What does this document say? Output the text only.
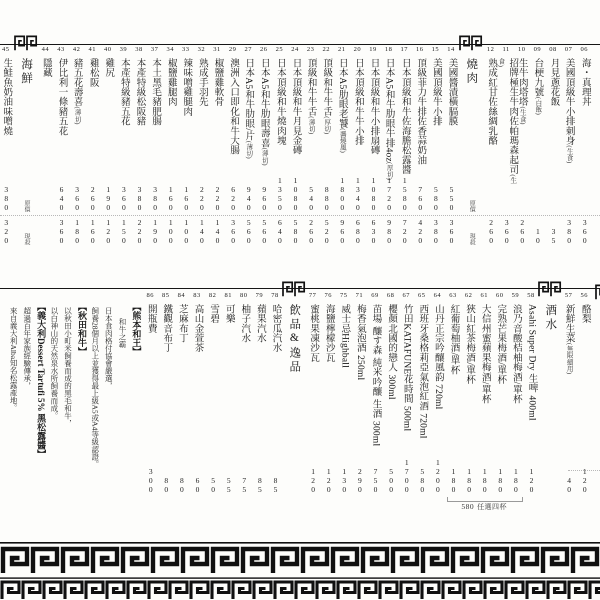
06
海・真理丼
360
07
美國頂級牛小排刺身(生食)
380
08
月見蔥花飯
35
09
台梗九號(白飯)
10
10
生牛肉塔塔(生食)
260
11
招牌極生牛肉佐帕瑪森起司(生食)
360
12
熟成紅甘佐絲綢乳酪
260
燒肉
原價
現殺
14
美國醬漬橫膈膜
550
360
15
美國頂級牛小排
580
380
16
頂級菲力牛排佐香蒜奶油
760
420
17
日本頂級和牛佐海膽松露醬
1580
720
18
日本A5和牛肋眼牛排4oz(厚切)
1720
980
19
日本頂級和牛小排扇磚
1080
630
20
日本頂級和牛牛小排
1340
680
21
日本A5肋眼老饕(醬燒風)
1800
960
22
頂級和牛牛舌(厚切)
880
520
23
頂級和牛牛舌(薄切)
540
260
24
日本頂級和牛月見金磚
1080
580
25
日本頂級和牛燒肉塊
1350
640
26
日本A5和牛肋眼壽喜(薄切)
960
560
27
日本A5和牛肋眼/片(薄切)
940
560
29
澳洲入口即化和牛大腸
620
360
31
椒鹽雞軟骨
220
140
32
熟成手羽先
220
140
33
辣味噌雞腿肉
160
100
34
椒鹽雞腿肉
160
100
37
本土黑毛豬肥腸
380
190
38
本產特級松阪豬
380
220
39
本產特級豬五花
360
150
40
雞尻
190
120
41
雞松阪
260
160
42
豬五花壽喜(薄切)
360
180
43
伊比利一條豬五花
640
360
44
隱藏
海鮮
原價
現殺
45
生鮭魚奶油味噌燒
380
320
56
酪梨
120
57
新鮮生菜(無限續用)
40
酒水
58
Asahi Super Dry 生啤 400ml
120
59
浪乃音酸桔柚梅酒/單杯
180
60
完熟芒果梅酒/單杯
180
61
大信州蜜蘋果梅酒/單杯
180
62
狹山紅茶梅酒/單杯
180
63
紅葡萄柚酒/單杯
180
64
山丹正宗吟釀風韵 720ml
1200
65
西班牙桑格莉亞氣泡紅酒 720ml
580
67
竹田KATAFUNE花時間 500ml
1700
68
櫻顏北國的戀人 300ml
500
69
苗場 釀す森 純米吟釀 生酒 300ml
750
71
梅香氣泡酒 250ml
290
75
威士忌Highball
130
76
海鹽檸檬沙瓦
120
77
蜜桃果凍沙瓦
120
飲品&逸品
78
哈密瓜汽水
85
79
蘋果汽水
85
80
柚子汽水
75
81
可樂
55
82
雪碧
50
83
高山金萱茶
60
84
芝麻布丁
80
85
鐵觀音布丁
80
86
開瓶費
300
【熊本和王】
和牛之霸
日本食肉格付協會嚴選，
飼養28個月以上並獲得最上級A5或A4等級認證。
【秋田和牛】
以秋田小町米飼養而成的黑毛和牛，
以白神山的天然泉水所飼養而成。
【義大利Dessert Tartufi 5% 黑松露醬】
超過百年家族經驗傳承，
來自義大利Alba知名松露產地。
580 任選四杯
